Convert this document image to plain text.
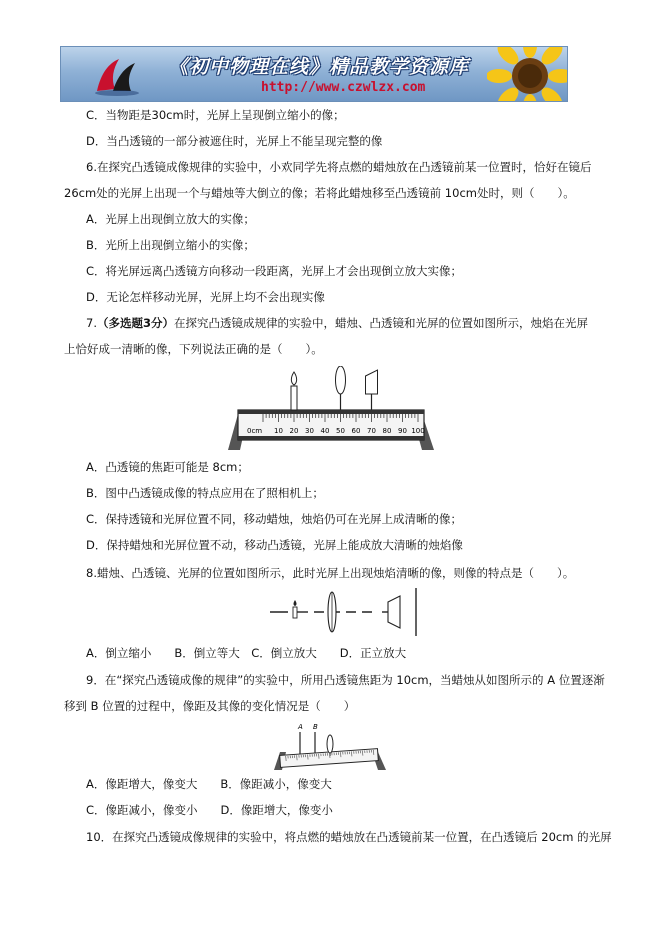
《初中物理在线》精品教学资源库
http://www.czwlzx.com
C．当物距是30cm时，光屏上呈现倒立缩小的像；
D．当凸透镜的一部分被遮住时，光屏上不能呈现完整的像
6.在探究凸透镜成像规律的实验中，小欢同学先将点燃的蜡烛放在凸透镜前某一位置时，恰好在镜后
26cm处的光屏上出现一个与蜡烛等大倒立的像；若将此蜡烛移至凸透镜前 10cm处时，则（　　）。
A．光屏上出现倒立放大的实像；
B．光所上出现倒立缩小的实像；
C．将光屏远离凸透镜方向移动一段距离，光屏上才会出现倒立放大实像；
D．无论怎样移动光屏，光屏上均不会出现实像
7.（多选题3分）在探究凸透镜成规律的实验中，蜡烛、凸透镜和光屏的位置如图所示，烛焰在光屏
上恰好成一清晰的像，下列说法正确的是（　　）。
0cm 10 20 30 40 50 60 70 80 90 100
A．凸透镜的焦距可能是 8cm；
B．图中凸透镜成像的特点应用在了照相机上；
C．保持透镜和光屏位置不同，移动蜡烛，烛焰仍可在光屏上成清晰的像；
D．保持蜡烛和光屏位置不动，移动凸透镜，光屏上能成放大清晰的烛焰像
8.蜡烛、凸透镜、光屏的位置如图所示，此时光屏上出现烛焰清晰的像，则像的特点是（　　）。
A．倒立缩小　　B．倒立等大　C．倒立放大　　D．正立放大
9．在“探究凸透镜成像的规律”的实验中，所用凸透镜焦距为 10cm，当蜡烛从如图所示的 A 位置逐渐
移到 B 位置的过程中，像距及其像的变化情况是（　　）
A B
A．像距增大，像变大　　B．像距减小，像变大
C．像距减小，像变小　　D．像距增大，像变小
10．在探究凸透镜成像规律的实验中，将点燃的蜡烛放在凸透镜前某一位置，在凸透镜后 20cm 的光屏
